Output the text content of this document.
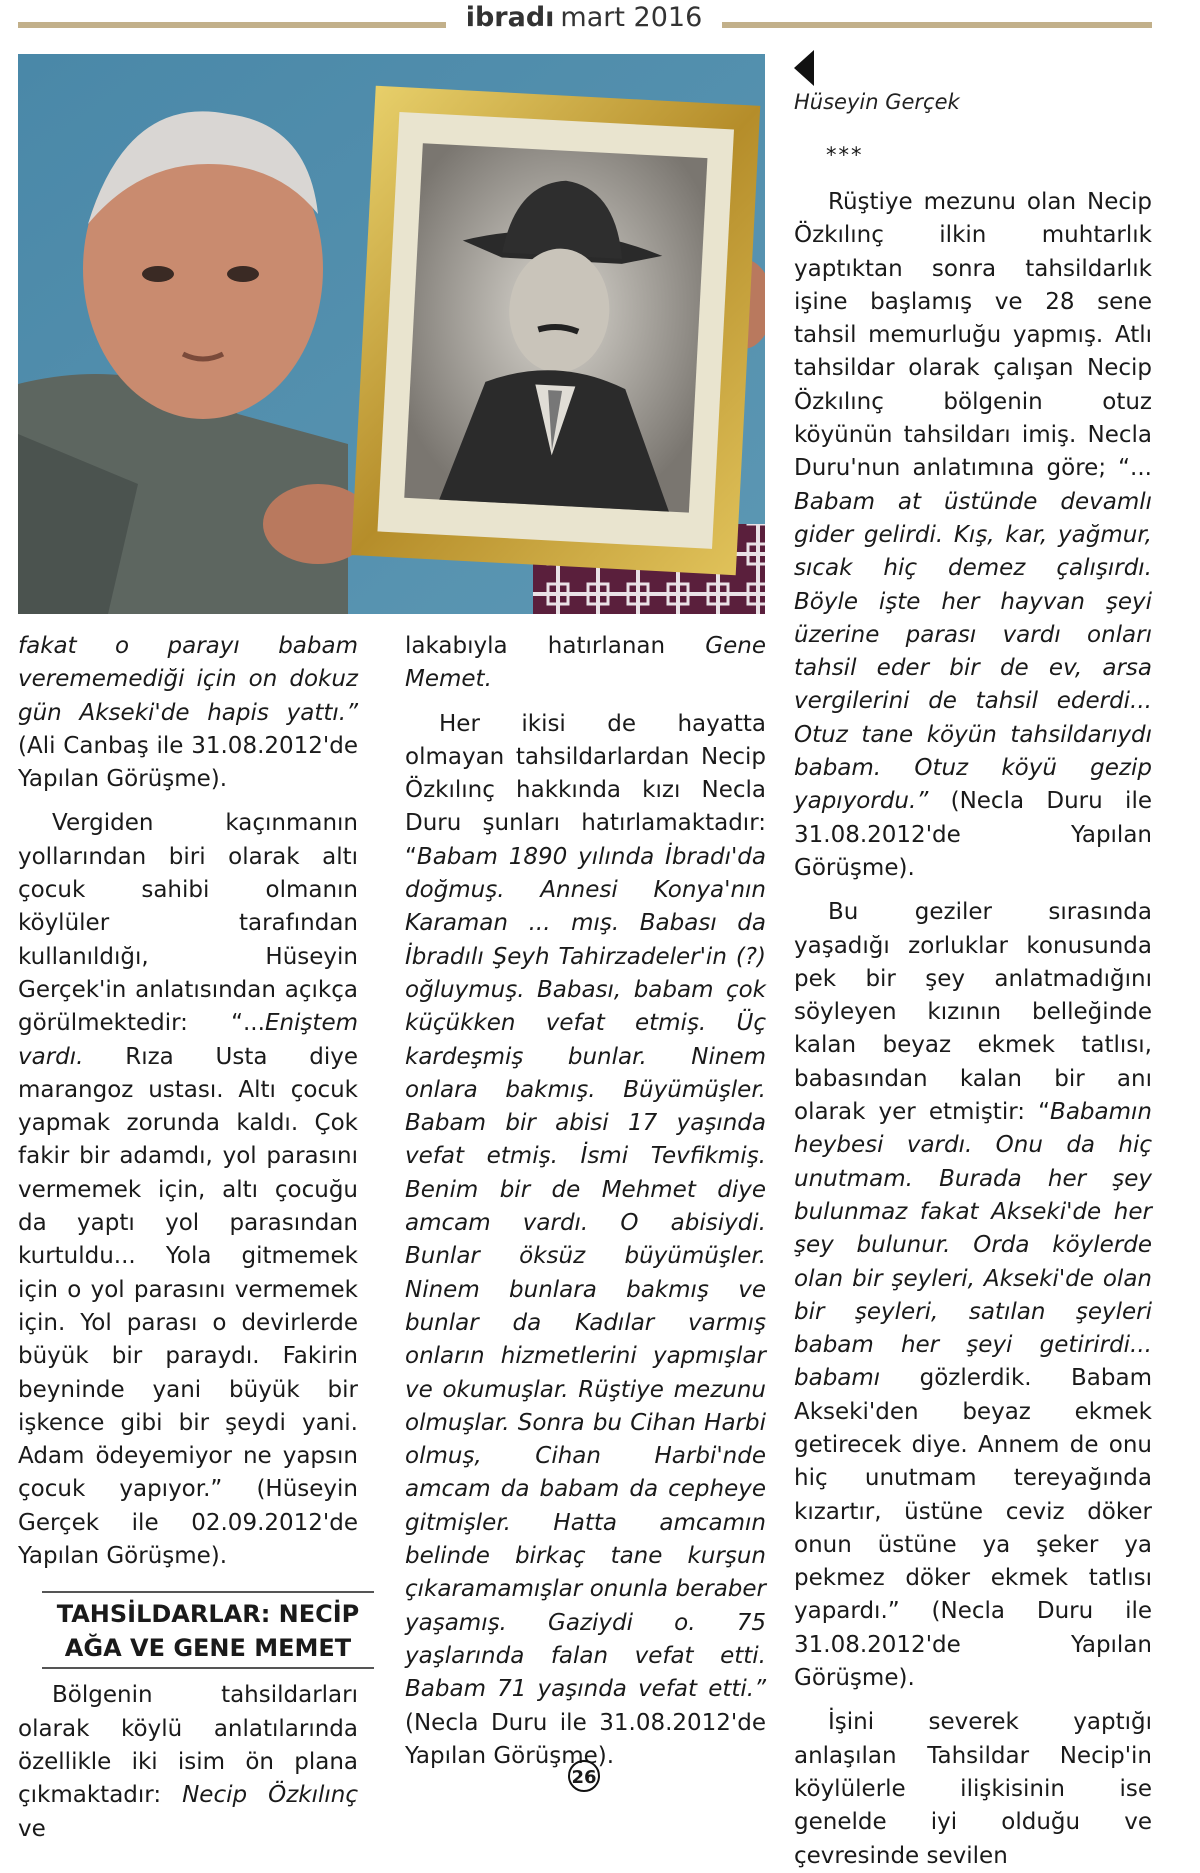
ibradı mart 2016
Hüseyin Gerçek
***

fakat o parayı babam verememediği için on dokuz gün Akseki'de hapis yattı.” (Ali Canbaş ile 31.08.2012'de Yapılan Görüşme).

Vergiden kaçınmanın yollarından biri olarak altı çocuk sahibi olmanın köylüler tarafından kullanıldığı, Hüseyin Gerçek'in anlatısından açıkça görülmektedir: “...Eniştem vardı. Rıza Usta diye marangoz ustası. Altı çocuk yapmak zorunda kaldı. Çok fakir bir adamdı, yol parasını vermemek için, altı çocuğu da yaptı yol parasından kurtuldu... Yola gitmemek için o yol parasını vermemek için. Yol parası o devirlerde büyük bir paraydı. Fakirin beyninde yani büyük bir işkence gibi bir şeydi yani. Adam ödeyemiyor ne yapsın çocuk yapıyor.” (Hüseyin Gerçek ile 02.09.2012'de Yapılan Görüşme).

TAHSİLDARLAR: NECİP
AĞA VE GENE MEMET

Bölgenin tahsildarları olarak köylü anlatılarında özellikle iki isim ön plana çıkmaktadır: Necip Özkılınç ve

lakabıyla hatırlanan Gene Memet.

Her ikisi de hayatta olmayan tahsildarlardan Necip Özkılınç hakkında kızı Necla Duru şunları hatırlamaktadır: “Babam 1890 yılında İbradı'da doğmuş. Annesi Konya'nın Karaman ... mış. Babası da İbradılı Şeyh Tahirzadeler'in (?) oğluymuş. Babası, babam çok küçükken vefat etmiş. Üç kardeşmiş bunlar. Ninem onlara bakmış. Büyümüşler. Babam bir abisi 17 yaşında vefat etmiş. İsmi Tevfikmiş. Benim bir de Mehmet diye amcam vardı. O abisiydi. Bunlar öksüz büyümüşler. Ninem bunlara bakmış ve bunlar da Kadılar varmış onların hizmetlerini yapmışlar ve okumuşlar. Rüştiye mezunu olmuşlar. Sonra bu Cihan Harbi olmuş, Cihan Harbi'nde amcam da babam da cepheye gitmişler. Hatta amcamın belinde birkaç tane kurşun çıkaramamışlar onunla beraber yaşamış. Gaziydi o. 75 yaşlarında falan vefat etti. Babam 71 yaşında vefat etti.” (Necla Duru ile 31.08.2012'de Yapılan Görüşme).

Rüştiye mezunu olan Necip Özkılınç ilkin muhtarlık yaptıktan sonra tahsildarlık işine başlamış ve 28 sene tahsil memurluğu yapmış. Atlı tahsildar olarak çalışan Necip Özkılınç bölgenin otuz köyünün tahsildarı imiş. Necla Duru'nun anlatımına göre; “... Babam at üstünde devamlı gider gelirdi. Kış, kar, yağmur, sıcak hiç demez çalışırdı. Böyle işte her hayvan şeyi üzerine parası vardı onları tahsil eder bir de ev, arsa vergilerini de tahsil ederdi... Otuz tane köyün tahsildarıydı babam. Otuz köyü gezip yapıyordu.” (Necla Duru ile 31.08.2012'de Yapılan Görüşme).

Bu geziler sırasında yaşadığı zorluklar konusunda pek bir şey anlatmadığını söyleyen kızının belleğinde kalan beyaz ekmek tatlısı, babasından kalan bir anı olarak yer etmiştir: “Babamın heybesi vardı. Onu da hiç unutmam. Burada her şey bulunmaz fakat Akseki'de her şey bulunur. Orda köylerde olan bir şeyleri, Akseki'de olan bir şeyleri, satılan şeyleri babam her şeyi getirirdi... babamı gözlerdik. Babam Akseki'den beyaz ekmek getirecek diye. Annem de onu hiç unutmam tereyağında kızartır, üstüne ceviz döker onun üstüne ya şeker ya pekmez döker ekmek tatlısı yapardı.” (Necla Duru ile 31.08.2012'de Yapılan Görüşme).

İşini severek yaptığı anlaşılan Tahsildar Necip'in köylülerle ilişkisinin ise genelde iyi olduğu ve çevresinde sevilen

26
